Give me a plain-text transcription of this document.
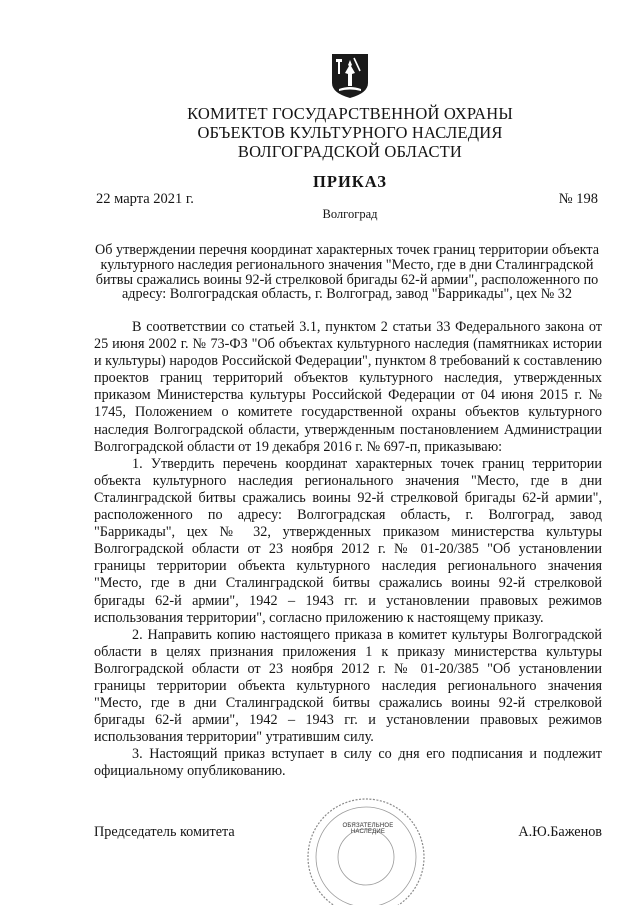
КОМИТЕТ ГОСУДАРСТВЕННОЙ ОХРАНЫ
ОБЪЕКТОВ КУЛЬТУРНОГО НАСЛЕДИЯ
ВОЛГОГРАДСКОЙ ОБЛАСТИ
ПРИКАЗ
22 марта 2021 г.	№ 198
Волгоград
Об утверждении перечня координат характерных точек границ территории объекта культурного наследия регионального значения "Место, где в дни Сталинградской битвы сражались воины 92-й стрелковой бригады 62-й армии", расположенного по адресу: Волгоградская область, г. Волгоград, завод "Баррикады", цех № 32

В соответствии со статьей 3.1, пунктом 2 статьи 33 Федерального закона от 25 июня 2002 г. № 73-ФЗ "Об объектах культурного наследия (памятниках истории и культуры) народов Российской Федерации", пунктом 8 требований к составлению проектов границ территорий объектов культурного наследия, утвержденных приказом Министерства культуры Российской Федерации от 04 июня 2015 г. № 1745, Положением о комитете государственной охраны объектов культурного наследия Волгоградской области, утвержденным постановлением Администрации Волгоградской области от 19 декабря 2016 г. № 697-п, приказываю:

1. Утвердить перечень координат характерных точек границ территории объекта культурного наследия регионального значения "Место, где в дни Сталинградской битвы сражались воины 92-й стрелковой бригады 62-й армии", расположенного по адресу: Волгоградская область, г. Волгоград, завод "Баррикады", цех № 32, утвержденных приказом министерства культуры Волгоградской области от 23 ноября 2012 г. № 01-20/385 "Об установлении границы территории объекта культурного наследия регионального значения "Место, где в дни Сталинградской битвы сражались воины 92-й стрелковой бригады 62-й армии", 1942 – 1943 гг. и установлении правовых режимов использования территории", согласно приложению к настоящему приказу.

2. Направить копию настоящего приказа в комитет культуры Волгоградской области в целях признания приложения 1 к приказу министерства культуры Волгоградской области от 23 ноября 2012 г. № 01-20/385 "Об установлении границы территории объекта культурного наследия регионального значения "Место, где в дни Сталинградской битвы сражались воины 92-й стрелковой бригады 62-й армии", 1942 – 1943 гг. и установлении правовых режимов использования территории" утратившим силу.

3. Настоящий приказ вступает в силу со дня его подписания и подлежит официальному опубликованию.

ОБЯЗАТЕЛЬНОЕ НАСЛЕДИЕ
Председатель комитета	А.Ю.Баженов
